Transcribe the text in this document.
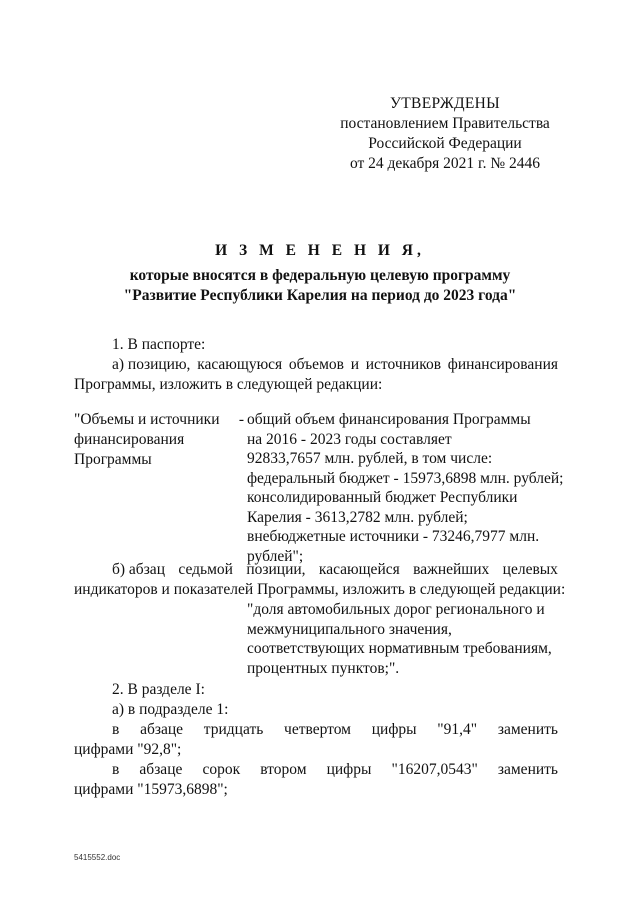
УТВЕРЖДЕНЫ
постановлением Правительства
Российской Федерации
от 24 декабря 2021 г. № 2446
И З М Е Н Е Н И Я,
которые вносятся в федеральную целевую программу
"Развитие Республики Карелия на период до 2023 года"
1. В паспорте:
а) позицию, касающуюся объемов и источников финансирования
Программы, изложить в следующей редакции:
"Объемы и источники -
финансирования
Программы
общий объем финансирования Программы
на 2016 - 2023 годы составляет
92833,7657 млн. рублей, в том числе:
федеральный бюджет - 15973,6898 млн. рублей;
консолидированный бюджет Республики
Карелия - 3613,2782 млн. рублей;
внебюджетные источники - 73246,7977 млн.
рублей";
б) абзац седьмой позиции, касающейся важнейших целевых
индикаторов и показателей Программы, изложить в следующей редакции:
"доля автомобильных дорог регионального и
межмуниципального значения,
соответствующих нормативным требованиям,
процентных пунктов;".
2. В разделе I:
а) в подразделе 1:
в абзаце тридцать четвертом цифры "91,4" заменить
цифрами "92,8";
в абзаце сорок втором цифры "16207,0543" заменить
цифрами "15973,6898";
5415552.doc
